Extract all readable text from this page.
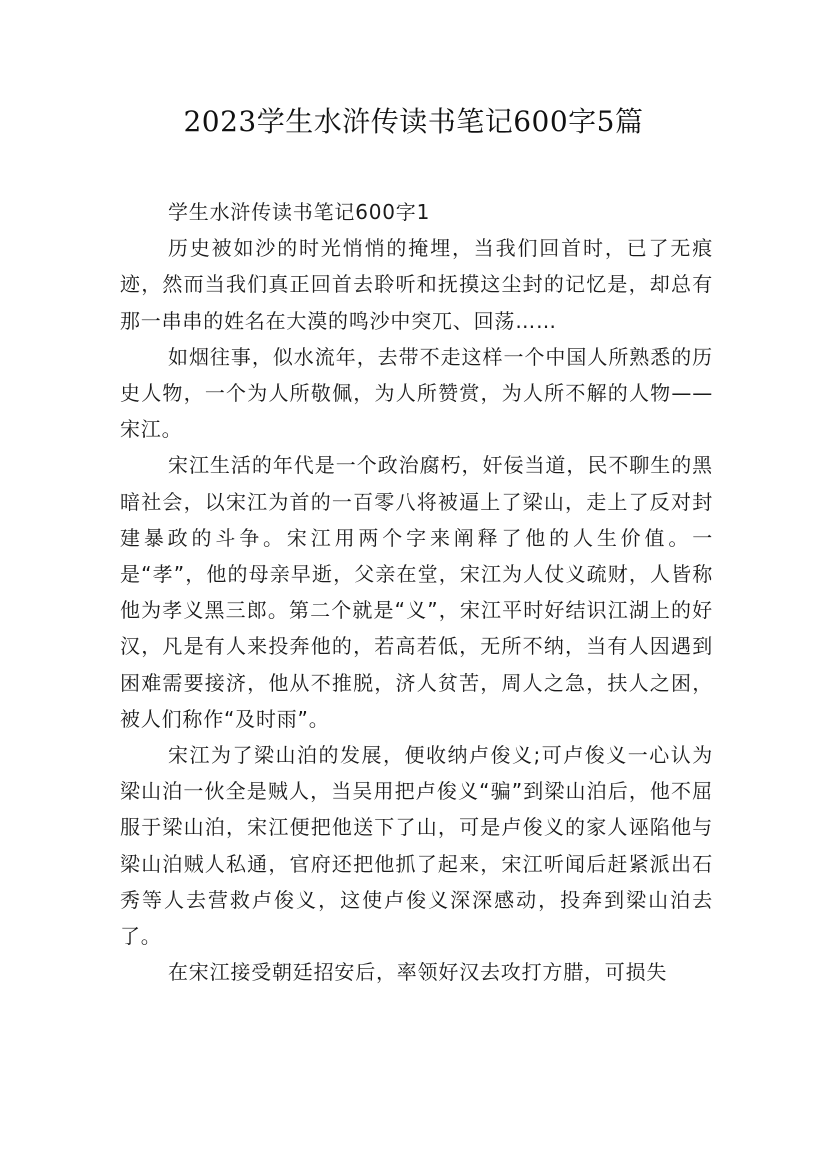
2023学生水浒传读书笔记600字5篇

学生水浒传读书笔记600字1

历史被如沙的时光悄悄的掩埋，当我们回首时，已了无痕迹，然而当我们真正回首去聆听和抚摸这尘封的记忆是，却总有那一串串的姓名在大漠的鸣沙中突兀、回荡……

如烟往事，似水流年，去带不走这样一个中国人所熟悉的历史人物，一个为人所敬佩，为人所赞赏，为人所不解的人物——宋江。

宋江生活的年代是一个政治腐朽，奸佞当道，民不聊生的黑暗社会，以宋江为首的一百零八将被逼上了梁山，走上了反对封建暴政的斗争。宋江用两个字来阐释了他的人生价值。一是“孝”，他的母亲早逝，父亲在堂，宋江为人仗义疏财，人皆称他为孝义黑三郎。第二个就是“义”，宋江平时好结识江湖上的好汉，凡是有人来投奔他的，若高若低，无所不纳，当有人因遇到困难需要接济，他从不推脱，济人贫苦，周人之急，扶人之困，被人们称作“及时雨”。

宋江为了梁山泊的发展，便收纳卢俊义;可卢俊义一心认为梁山泊一伙全是贼人，当吴用把卢俊义“骗”到梁山泊后，他不屈服于梁山泊，宋江便把他送下了山，可是卢俊义的家人诬陷他与梁山泊贼人私通，官府还把他抓了起来，宋江听闻后赶紧派出石秀等人去营救卢俊义，这使卢俊义深深感动，投奔到梁山泊去了。

在宋江接受朝廷招安后，率领好汉去攻打方腊，可损失
